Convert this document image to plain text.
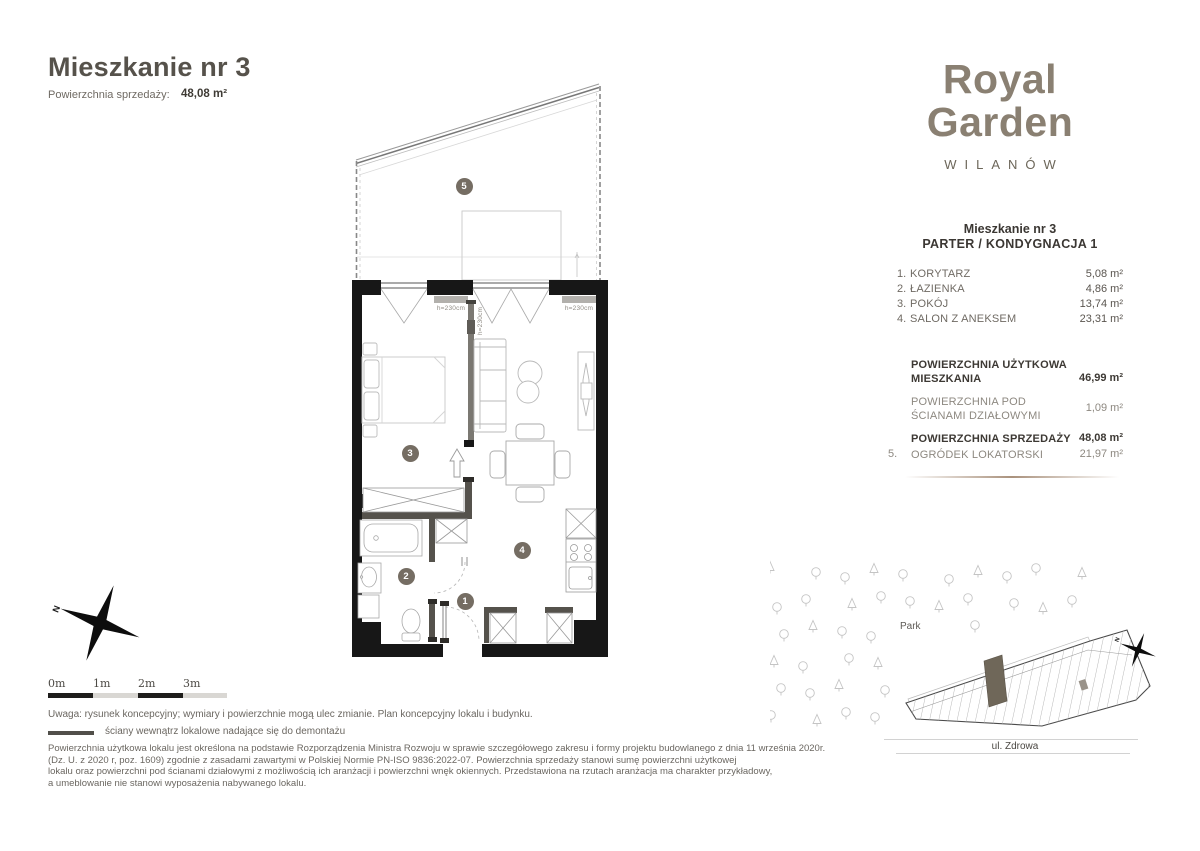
Mieszkanie nr 3
Powierzchnia sprzedaży: 48,08 m²	Royal
Garden
WILANÓW
Mieszkanie nr 3
PARTER / KONDYGNACJA 1
1. KORYTARZ	5,08 m²
2. ŁAZIENKA	4,86 m²
3. POKÓJ	13,74 m²
4. SALON Z ANEKSEM	23,31 m²
POWIERZCHNIA UŻYTKOWA
MIESZKANIA	46,99 m²
POWIERZCHNIA POD
ŚCIANAMI DZIAŁOWYMI
1,09 m²
POWIERZCHNIA SPRZEDAŻY 48,08 m²
5. OGRÓDEK LOKATORSKI	21,97 m²
1
2
3
4
5
h=230cm	h=230cm
h=230cm
N
0m	1m	2m	3m
Uwaga: rysunek koncepcyjny; wymiary i powierzchnie mogą ulec zmianie. Plan koncepcyjny lokalu i budynku.
ściany wewnątrz lokalowe nadające się do demontażu
Powierzchnia użytkowa lokalu jest określona na podstawie Rozporządzenia Ministra Rozwoju w sprawie szczegółowego zakresu i formy projektu budowlanego z dnia 11 września 2020r.
(Dz. U. z 2020 r, poz. 1609) zgodnie z zasadami zawartymi w Polskiej Normie PN-ISO 9836:2022-07. Powierzchnia sprzedaży stanowi sumę powierzchni użytkowej
lokalu oraz powierzchni pod ścianami działowymi z możliwością ich aranżacji i powierzchni wnęk okiennych. Przedstawiona na rzutach aranżacja ma charakter przykładowy,
a umeblowanie nie stanowi wyposażenia nabywanego lokalu.
Park
ul. Zdrowa
N
